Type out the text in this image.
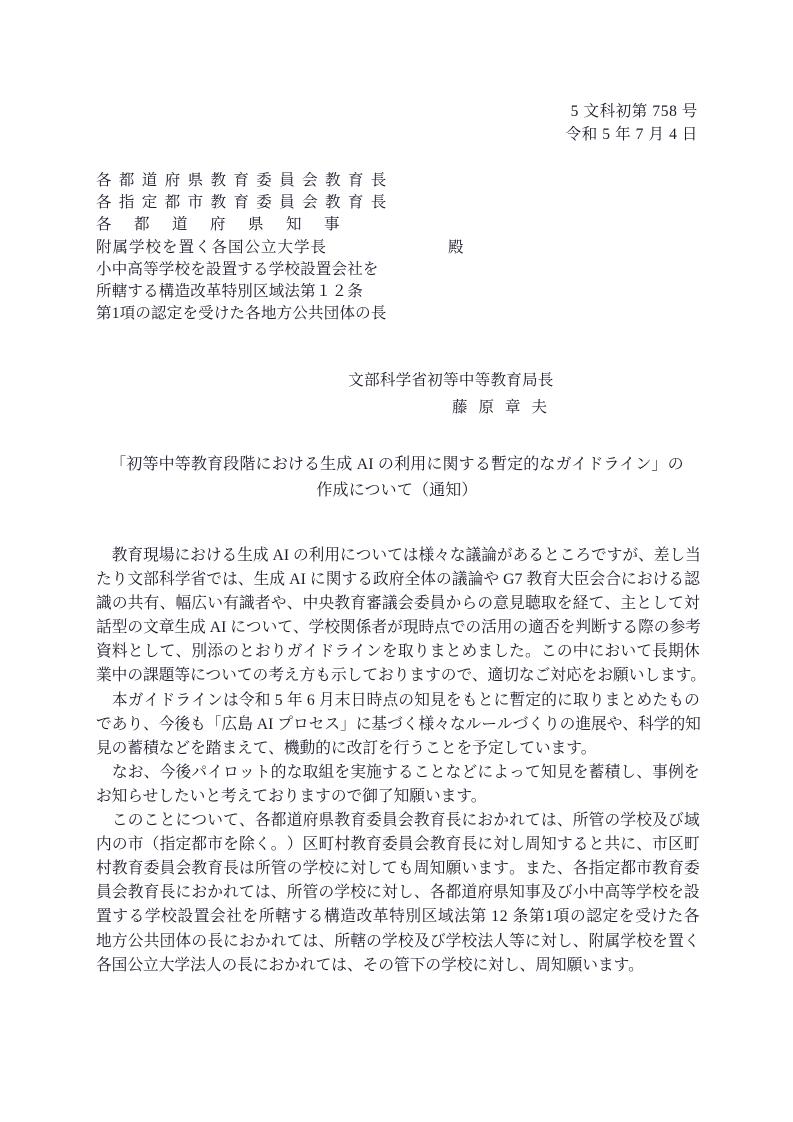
5 文科初第 758 号
令和 5 年 7 月 4 日
各都道府県教育委員会教育長
各指定都市教育委員会教育長
各都道府県知事
附属学校を置く各国公立大学長	殿
小中高等学校を設置する学校設置会社を
所轄する構造改革特別区域法第１２条
第1項の認定を受けた各地方公共団体の長
文部科学省初等中等教育局長
藤原章夫
「初等中等教育段階における生成 AI の利用に関する暫定的なガイドライン」の
作成について（通知）

教 育 現 場 に お け る 生 成
A I
の 利 用 に つ い て は 様 々 な 議 論 が あ る と こ ろ で す が 、 差 し 当
た り 文 部 科 学 省 で は 、 生 成
A I
に 関 す る 政 府 全 体 の 議 論 や
G 7
教 育 大 臣 会 合 に お け る 認
識 の 共 有 、 幅 広 い 有 識 者 や 、 中 央 教 育 審 議 会 委 員 か ら の 意 見 聴 取 を 経 て 、 主 と し て 対
話 型 の 文 章 生 成
A I
に つ い て 、 学 校 関 係 者 が 現 時 点 で の 活 用 の 適 否 を 判 断 す る 際 の 参 考
資 料 と し て 、 別 添 の と お り ガ イ ド ラ イ ン を 取 り ま と め ま し た 。 こ の 中 に お い て 長 期 休
業中の課題等についての考え方も示しておりますので、適切なご対応をお願いします。

本 ガ イ ド ラ イ ン は 令 和
5
年
6
月 末 日 時 点 の 知 見 を も と に 暫 定 的 に 取 り ま と め た も の
で あ り 、 今 後 も 「 広 島
A I
プ ロ セ ス 」 に 基 づ く 様 々 な ル ー ル づ く り の 進 展 や 、 科 学 的 知
見の蓄積などを踏まえて、機動的に改訂を行うことを予定しています。

な お 、 今 後 パ イ ロ ッ ト 的 な 取 組 を 実 施 す る こ と な ど に よ っ て 知 見 を 蓄 積 し 、 事 例 を
お知らせしたいと考えておりますので御了知願います。

こ の こ と に つ い て 、 各 都 道 府 県 教 育 委 員 会 教 育 長 に お か れ て は 、 所 管 の 学 校 及 び 域
内 の 市 （ 指 定 都 市 を 除 く 。 ） 区 町 村 教 育 委 員 会 教 育 長 に 対 し 周 知 す る と 共 に 、 市 区 町
村 教 育 委 員 会 教 育 長 は 所 管 の 学 校 に 対 し て も 周 知 願 い ま す 。 ま た 、 各 指 定 都 市 教 育 委
員 会 教 育 長 に お か れ て は 、 所 管 の 学 校 に 対 し 、 各 都 道 府 県 知 事 及 び 小 中 高 等 学 校 を 設
置 す る 学 校 設 置 会 社 を 所 轄 す る 構 造 改 革 特 別 区 域 法 第
1 2
条 第 1 項 の 認 定 を 受 け た 各
地 方 公 共 団 体 の 長 に お か れ て は 、 所 轄 の 学 校 及 び 学 校 法 人 等 に 対 し 、 附 属 学 校 を 置 く
各国公立大学法人の長におかれては、その管下の学校に対し、周知願います。
